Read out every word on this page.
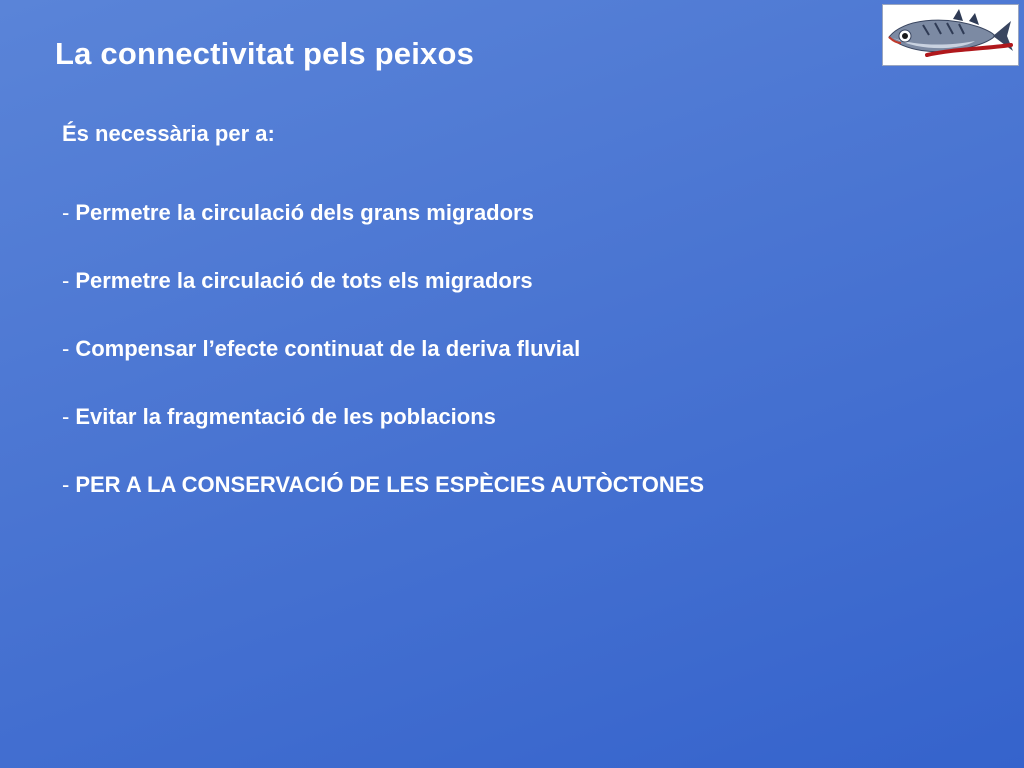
La connectivitat pels peixos

És necessària per a:

- Permetre la circulació dels grans migradors
- Permetre la circulació de tots els migradors
- Compensar l’efecte continuat de la deriva fluvial
- Evitar la fragmentació de les poblacions
- PER A LA CONSERVACIÓ DE LES ESPÈCIES AUTÒCTONES
